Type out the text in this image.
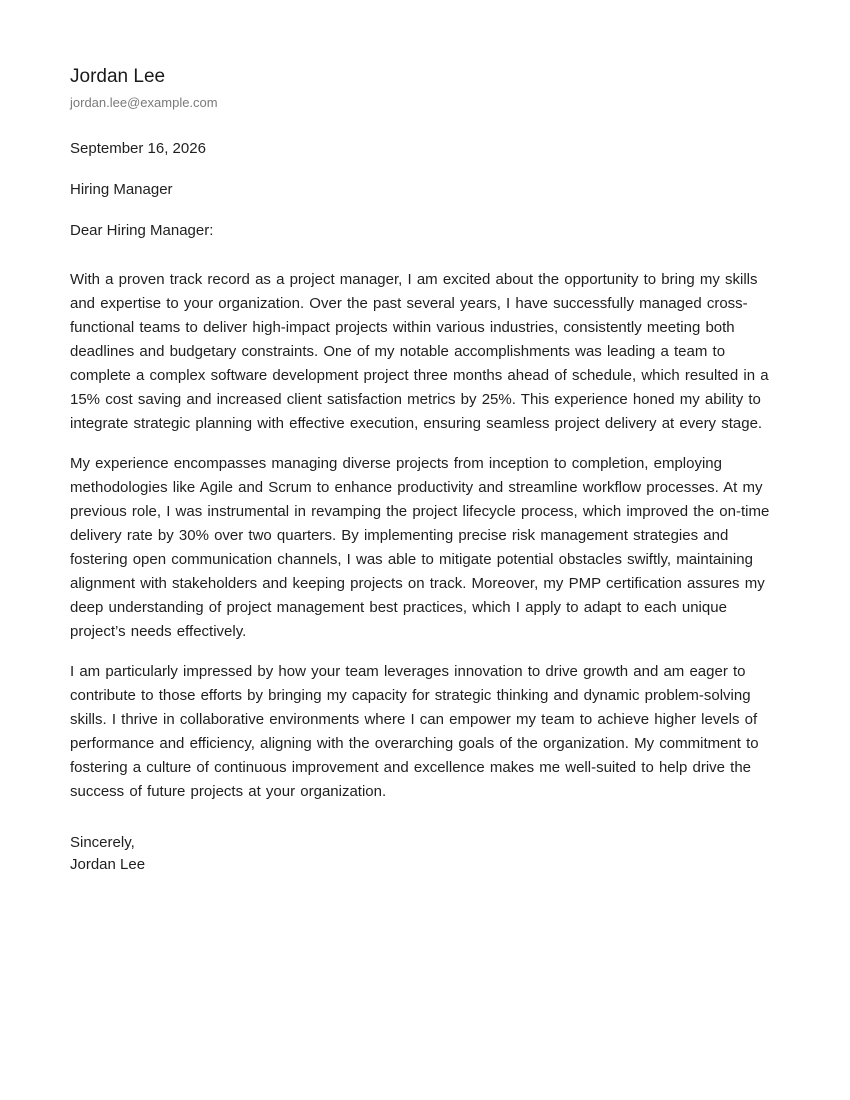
Jordan Lee
jordan.lee@example.com
September 16, 2026
Hiring Manager
Dear Hiring Manager:

With a proven track record as a project manager, I am excited about the opportunity to bring my skills and expertise to your organization. Over the past several years, I have successfully managed cross-functional teams to deliver high-impact projects within various industries, consistently meeting both deadlines and budgetary constraints. One of my notable accomplishments was leading a team to complete a complex software development project three months ahead of schedule, which resulted in a 15% cost saving and increased client satisfaction metrics by 25%. This experience honed my ability to integrate strategic planning with effective execution, ensuring seamless project delivery at every stage.

My experience encompasses managing diverse projects from inception to completion, employing methodologies like Agile and Scrum to enhance productivity and streamline workflow processes. At my previous role, I was instrumental in revamping the project lifecycle process, which improved the on-time delivery rate by 30% over two quarters. By implementing precise risk management strategies and fostering open communication channels, I was able to mitigate potential obstacles swiftly, maintaining alignment with stakeholders and keeping projects on track. Moreover, my PMP certification assures my deep understanding of project management best practices, which I apply to adapt to each unique project’s needs effectively.

I am particularly impressed by how your team leverages innovation to drive growth and am eager to contribute to those efforts by bringing my capacity for strategic thinking and dynamic problem-solving skills. I thrive in collaborative environments where I can empower my team to achieve higher levels of performance and efficiency, aligning with the overarching goals of the organization. My commitment to fostering a culture of continuous improvement and excellence makes me well-suited to help drive the success of future projects at your organization.

Sincerely,
Jordan Lee
